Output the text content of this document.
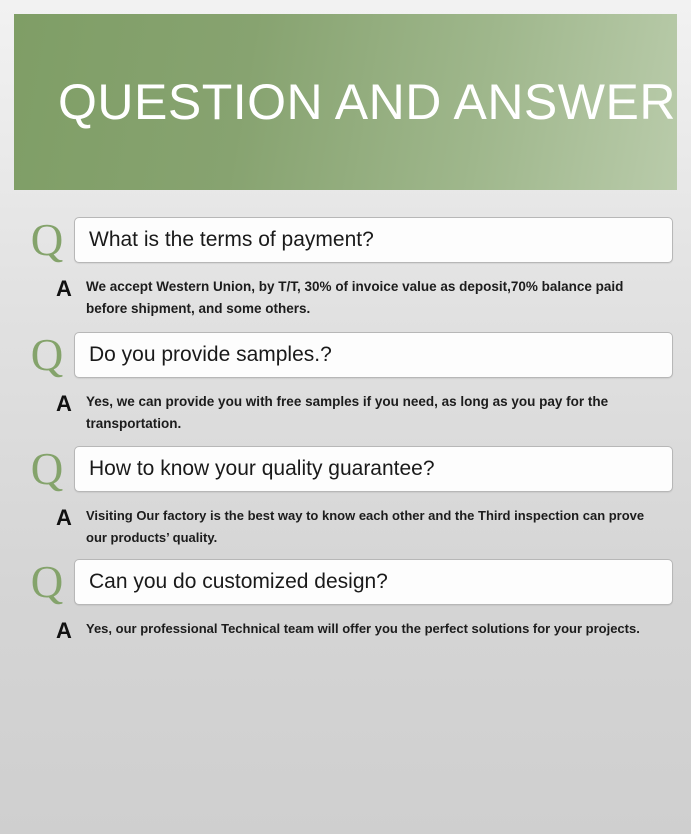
QUESTION AND ANSWER
Q What is the terms of payment?
A We accept Western Union, by T/T, 30% of invoice value as deposit,70% balance paid before shipment, and some others.
Q Do you provide samples.?
A Yes, we can provide you with free samples if you need, as long as you pay for the transportation.
Q How to know your quality guarantee?
A Visiting Our factory is the best way to know each other and the Third inspection can prove our products’ quality.
Q Can you do customized design?
A Yes, our professional Technical team will offer you the perfect solutions for your projects.
